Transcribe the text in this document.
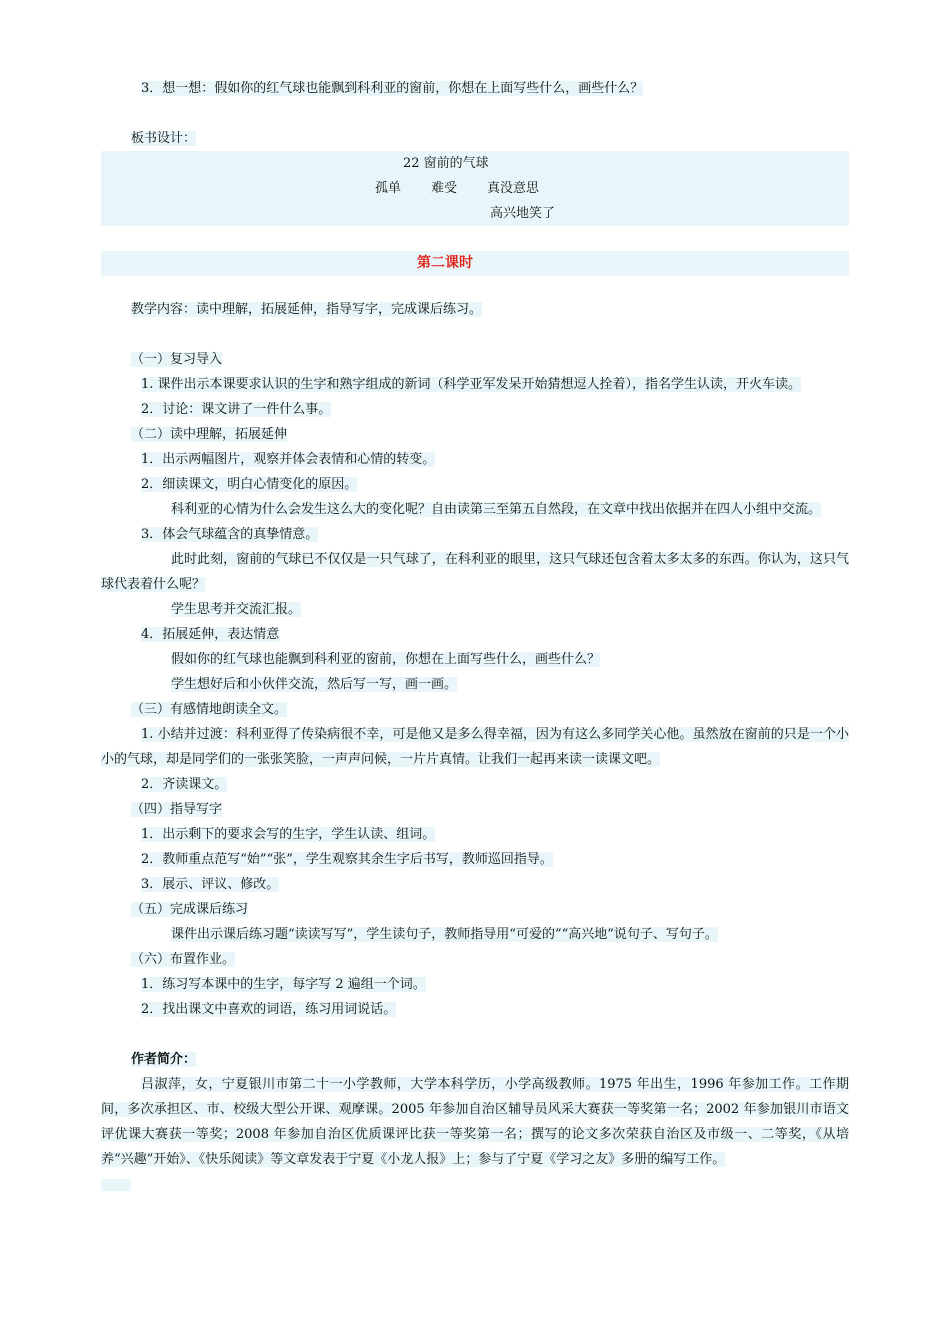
3．想一想：假如你的红气球也能飘到科利亚的窗前，你想在上面写些什么，画些什么？
板书设计：
22 窗前的气球
孤单 难受 真没意思
高兴地笑了
第二课时
教学内容：读中理解，拓展延伸，指导写字，完成课后练习。
（一）复习导入
1. 课件出示本课要求认识的生字和熟字组成的新词（科学亚军发呆开始猜想逗人拴着），指名学生认读，开火车读。
2．讨论：课文讲了一件什么事。
（二）读中理解，拓展延伸
1．出示两幅图片，观察并体会表情和心情的转变。
2．细读课文，明白心情变化的原因。
科利亚的心情为什么会发生这么大的变化呢？自由读第三至第五自然段，在文章中找出依据并在四人小组中交流。
3．体会气球蕴含的真挚情意。
此时此刻，窗前的气球已不仅仅是一只气球了，在科利亚的眼里，这只气球还包含着太多太多的东西。你认为，这只气球代表着什么呢？
学生思考并交流汇报。
4．拓展延伸，表达情意
假如你的红气球也能飘到科利亚的窗前，你想在上面写些什么，画些什么？
学生想好后和小伙伴交流，然后写一写，画一画。
（三）有感情地朗读全文。
1. 小结并过渡：科利亚得了传染病很不幸，可是他又是多么得幸福，因为有这么多同学关心他。虽然放在窗前的只是一个小小的气球，却是同学们的一张张笑脸，一声声问候，一片片真情。让我们一起再来读一读课文吧。
2．齐读课文。
（四）指导写字
1．出示剩下的要求会写的生字，学生认读、组词。
2．教师重点范写“始”“张”，学生观察其余生字后书写，教师巡回指导。
3．展示、评议、修改。
（五）完成课后练习
课件出示课后练习题“读读写写”，学生读句子，教师指导用“可爱的”“高兴地”说句子、写句子。
（六）布置作业。
1．练习写本课中的生字，每字写 2 遍组一个词。
2．找出课文中喜欢的词语，练习用词说话。
作者简介：
吕淑萍，女，宁夏银川市第二十一小学教师，大学本科学历，小学高级教师。1975 年出生，1996 年参加工作。工作期间，多次承担区、市、校级大型公开课、观摩课。2005 年参加自治区辅导员风采大赛获一等奖第一名；2002 年参加银川市语文评优课大赛获一等奖；2008 年参加自治区优质课评比获一等奖第一名；撰写的论文多次荣获自治区及市级一、二等奖，《从培养“兴趣”开始》、《快乐阅读》等文章发表于宁夏《小龙人报》上；参与了宁夏《学习之友》多册的编写工作。
